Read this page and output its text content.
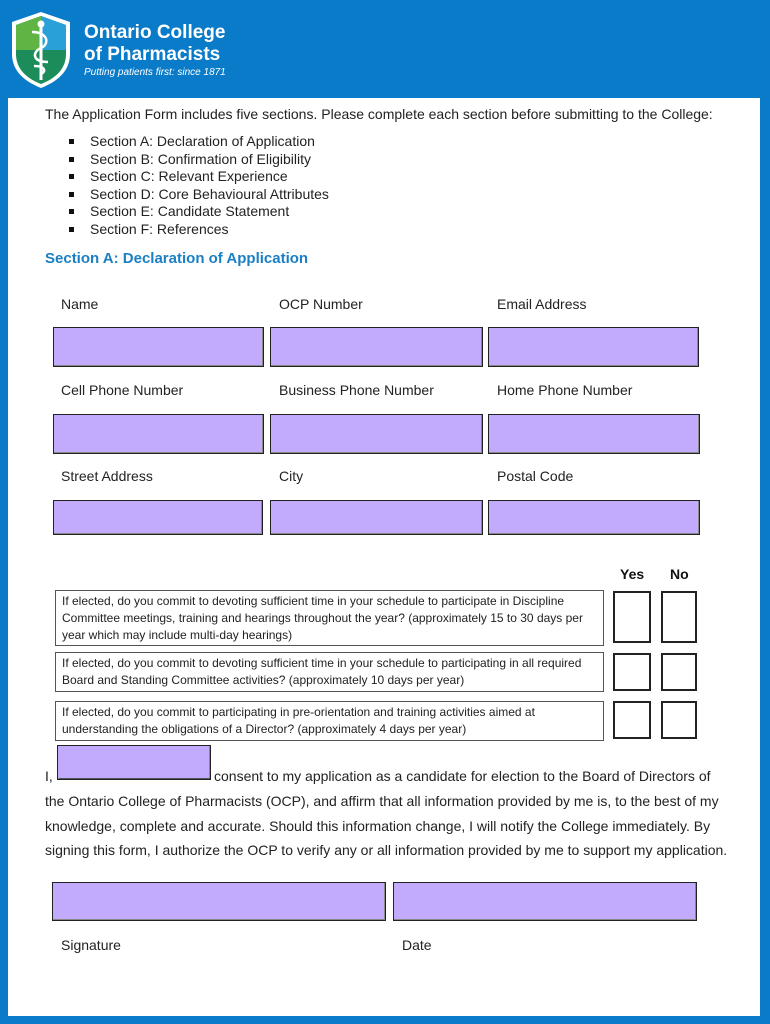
Ontario College
of Pharmacists
Putting patients first: since 1871
The Application Form includes five sections. Please complete each section before submitting to the College:
Section A: Declaration of Application
Section B: Confirmation of Eligibility
Section C: Relevant Experience
Section D: Core Behavioural Attributes
Section E: Candidate Statement
Section F: References
Section A: Declaration of Application
Name	OCP Number	Email Address
Cell Phone Number	Business Phone Number	Home Phone Number
Street Address	City	Postal Code
Yes No
If elected, do you commit to devoting sufficient time in your schedule to participate in Discipline Committee meetings, training and hearings throughout the year? (approximately 15 to 30 days per year which may include multi-day hearings)
If elected, do you commit to devoting sufficient time in your schedule to participating in all required Board and Standing Committee activities? (approximately 10 days per year)
If elected, do you commit to participating in pre-orientation and training activities aimed at understanding the obligations of a Director? (approximately 4 days per year)
I,	consent to my application as a candidate for election to the Board of Directors of
the Ontario College of Pharmacists (OCP), and affirm that all information provided by me is, to the best of my
knowledge, complete and accurate. Should this information change, I will notify the College immediately. By
signing this form, I authorize the OCP to verify any or all information provided by me to support my application.
Signature	Date
